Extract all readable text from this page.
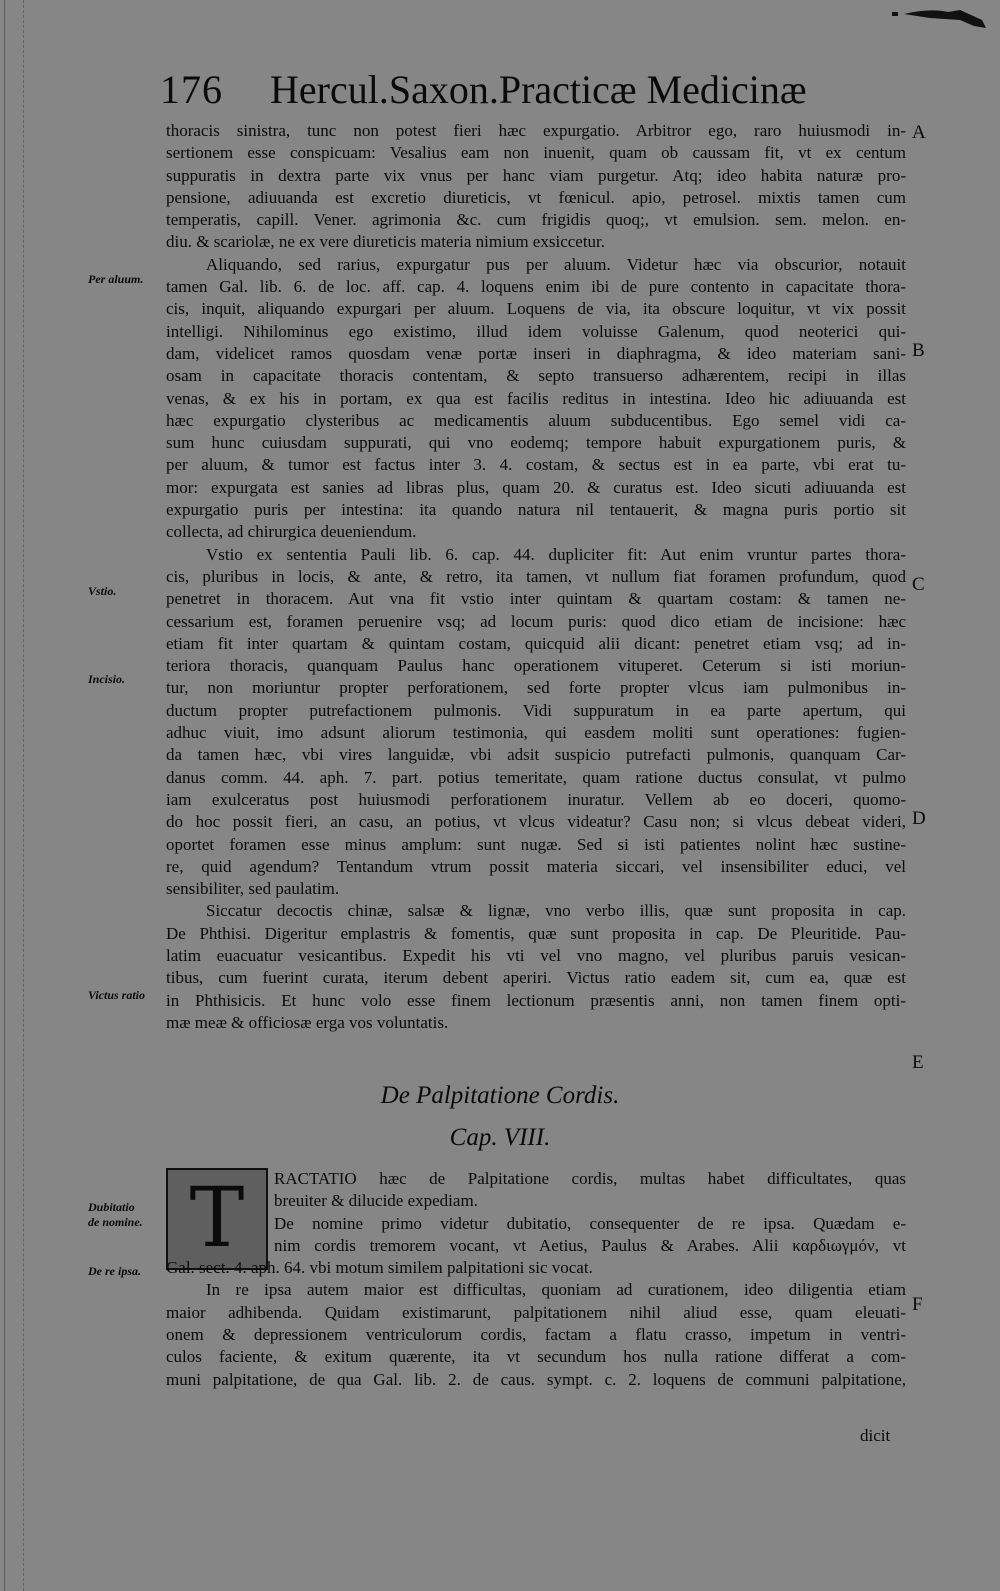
176 Hercul.Saxon.Practicæ Medicinæ
A
B
C
D
E
F
Per aluum.
Vstio.
Incisio.
Victus ratio
Dubitatio
de nomine.
De re ipsa.
thoracis sinistra, tunc non potest fieri hæc expurgatio. Arbitror ego, raro huiusmodi in-
sertionem esse conspicuam: Vesalius eam non inuenit, quam ob caussam fit, vt ex centum
suppuratis in dextra parte vix vnus per hanc viam purgetur. Atq; ideo habita naturæ pro-
pensione, adiuuanda est excretio diureticis, vt fœnicul. apio, petrosel. mixtis tamen cum
temperatis, capill. Vener. agrimonia &c. cum frigidis quoq;, vt emulsion. sem. melon. en-
diu. & scariolæ, ne ex vere diureticis materia nimium exsiccetur.
Aliquando, sed rarius, expurgatur pus per aluum. Videtur hæc via obscurior, notauit
tamen Gal. lib. 6. de loc. aff. cap. 4. loquens enim ibi de pure contento in capacitate thora-
cis, inquit, aliquando expurgari per aluum. Loquens de via, ita obscure loquitur, vt vix possit
intelligi. Nihilominus ego existimo, illud idem voluisse Galenum, quod neoterici qui-
dam, videlicet ramos quosdam venæ portæ inseri in diaphragma, & ideo materiam sani-
osam in capacitate thoracis contentam, & septo transuerso adhærentem, recipi in illas
venas, & ex his in portam, ex qua est facilis reditus in intestina. Ideo hic adiuuanda est
hæc expurgatio clysteribus ac medicamentis aluum subducentibus. Ego semel vidi ca-
sum hunc cuiusdam suppurati, qui vno eodemq; tempore habuit expurgationem puris, &
per aluum, & tumor est factus inter 3. 4. costam, & sectus est in ea parte, vbi erat tu-
mor: expurgata est sanies ad libras plus, quam 20. & curatus est. Ideo sicuti adiuuanda est
expurgatio puris per intestina: ita quando natura nil tentauerit, & magna puris portio sit
collecta, ad chirurgica deueniendum.
Vstio ex sententia Pauli lib. 6. cap. 44. dupliciter fit: Aut enim vruntur partes thora-
cis, pluribus in locis, & ante, & retro, ita tamen, vt nullum fiat foramen profundum, quod
penetret in thoracem. Aut vna fit vstio inter quintam & quartam costam: & tamen ne-
cessarium est, foramen peruenire vsq; ad locum puris: quod dico etiam de incisione: hæc
etiam fit inter quartam & quintam costam, quicquid alii dicant: penetret etiam vsq; ad in-
teriora thoracis, quanquam Paulus hanc operationem vituperet. Ceterum si isti moriun-
tur, non moriuntur propter perforationem, sed forte propter vlcus iam pulmonibus in-
ductum propter putrefactionem pulmonis. Vidi suppuratum in ea parte apertum, qui
adhuc viuit, imo adsunt aliorum testimonia, qui easdem moliti sunt operationes: fugien-
da tamen hæc, vbi vires languidæ, vbi adsit suspicio putrefacti pulmonis, quanquam Car-
danus comm. 44. aph. 7. part. potius temeritate, quam ratione ductus consulat, vt pulmo
iam exulceratus post huiusmodi perforationem inuratur. Vellem ab eo doceri, quomo-
do hoc possit fieri, an casu, an potius, vt vlcus videatur? Casu non; si vlcus debeat videri,
oportet foramen esse minus amplum: sunt nugæ. Sed si isti patientes nolint hæc sustine-
re, quid agendum? Tentandum vtrum possit materia siccari, vel insensibiliter educi, vel
sensibiliter, sed paulatim.
Siccatur decoctis chinæ, salsæ & lignæ, vno verbo illis, quæ sunt proposita in cap.
De Phthisi. Digeritur emplastris & fomentis, quæ sunt proposita in cap. De Pleuritide. Pau-
latim euacuatur vesicantibus. Expedit his vti vel vno magno, vel pluribus paruis vesican-
tibus, cum fuerint curata, iterum debent aperiri. Victus ratio eadem sit, cum ea, quæ est
in Phthisicis. Et hunc volo esse finem lectionum præsentis anni, non tamen finem opti-
mæ meæ & officiosæ erga vos voluntatis.
De Palpitatione Cordis.
Cap. VIII.
T	RACTATIO hæc de Palpitatione cordis, multas habet difficultates, quas
breuiter & dilucide expediam.
De nomine primo videtur dubitatio, consequenter de re ipsa. Quædam e-
nim cordis tremorem vocant, vt Aetius, Paulus & Arabes. Alii καρδιωγμόν, vt
Gal. sect. 4. aph. 64. vbi motum similem palpitationi sic vocat.
In re ipsa autem maior est difficultas, quoniam ad curationem, ideo diligentia etiam
maior adhibenda. Quidam existimarunt, palpitationem nihil aliud esse, quam eleuati-
onem & depressionem ventriculorum cordis, factam a flatu crasso, impetum in ventri-
culos faciente, & exitum quærente, ita vt secundum hos nulla ratione differat a com-
muni palpitatione, de qua Gal. lib. 2. de caus. sympt. c. 2. loquens de communi palpitatione,
dicit
